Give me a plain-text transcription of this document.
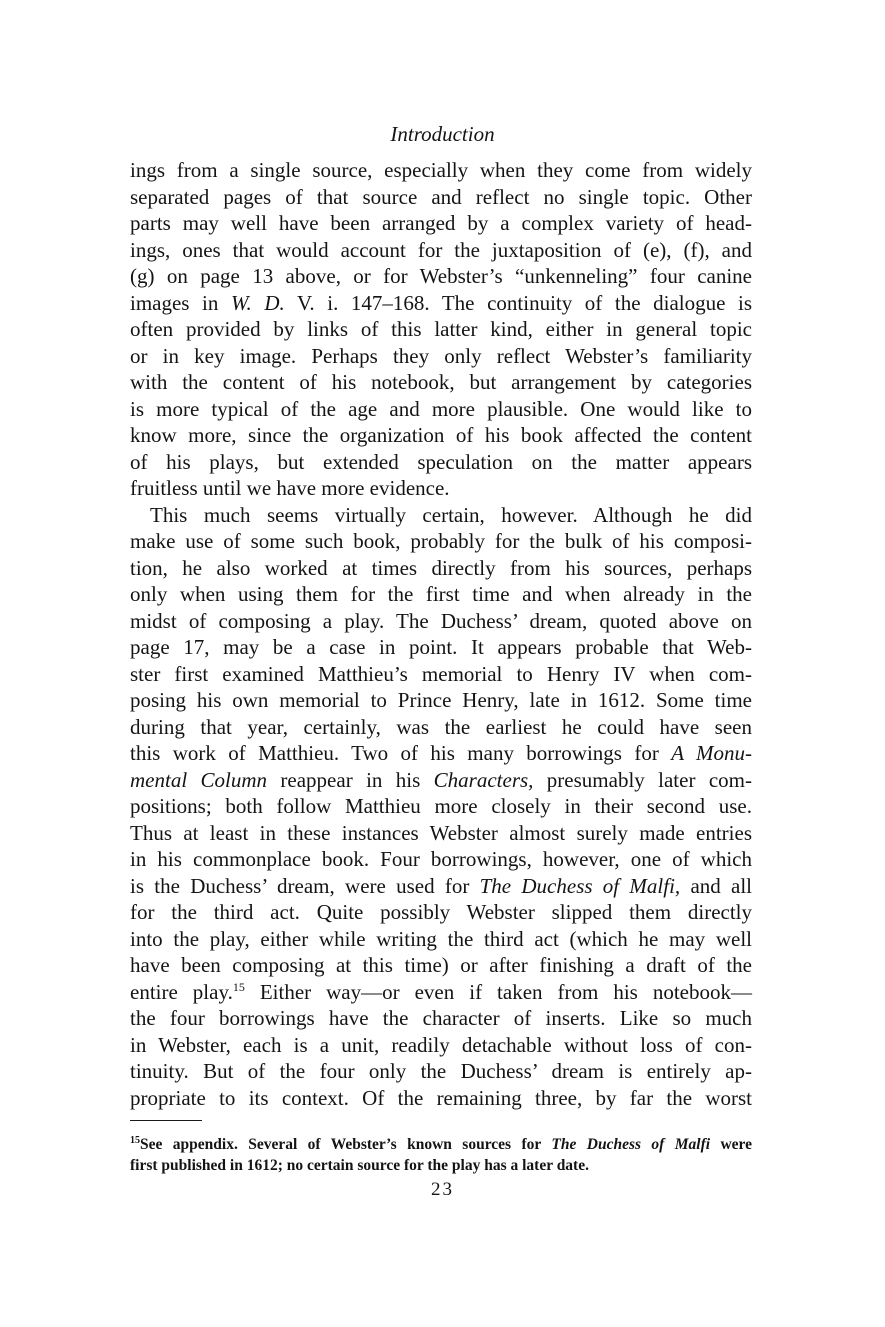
Introduction
ings from a single source, especially when they come from widely
separated pages of that source and reflect no single topic. Other
parts may well have been arranged by a complex variety of head-
ings, ones that would account for the juxtaposition of (e), (f), and
(g) on page 13 above, or for Webster’s “unkenneling” four canine
images in W. D. V. i. 147–168. The continuity of the dialogue is
often provided by links of this latter kind, either in general topic
or in key image. Perhaps they only reflect Webster’s familiarity
with the content of his notebook, but arrangement by categories
is more typical of the age and more plausible. One would like to
know more, since the organization of his book affected the content
of his plays, but extended speculation on the matter appears
fruitless until we have more evidence.
This much seems virtually certain, however. Although he did
make use of some such book, probably for the bulk of his composi-
tion, he also worked at times directly from his sources, perhaps
only when using them for the first time and when already in the
midst of composing a play. The Duchess’ dream, quoted above on
page 17, may be a case in point. It appears probable that Web-
ster first examined Matthieu’s memorial to Henry IV when com-
posing his own memorial to Prince Henry, late in 1612. Some time
during that year, certainly, was the earliest he could have seen
this work of Matthieu. Two of his many borrowings for A Monu-
mental Column reappear in his Characters, presumably later com-
positions; both follow Matthieu more closely in their second use.
Thus at least in these instances Webster almost surely made entries
in his commonplace book. Four borrowings, however, one of which
is the Duchess’ dream, were used for The Duchess of Malfi, and all
for the third act. Quite possibly Webster slipped them directly
into the play, either while writing the third act (which he may well
have been composing at this time) or after finishing a draft of the
entire play.$^{15}$ Either way—or even if taken from his notebook—
the four borrowings have the character of inserts. Like so much
in Webster, each is a unit, readily detachable without loss of con-
tinuity. But of the four only the Duchess’ dream is entirely ap-
propriate to its context. Of the remaining three, by far the worst
$^{15}$See appendix. Several of Webster’s known sources for The Duchess of Malfi were
first published in 1612; no certain source for the play has a later date.
23
